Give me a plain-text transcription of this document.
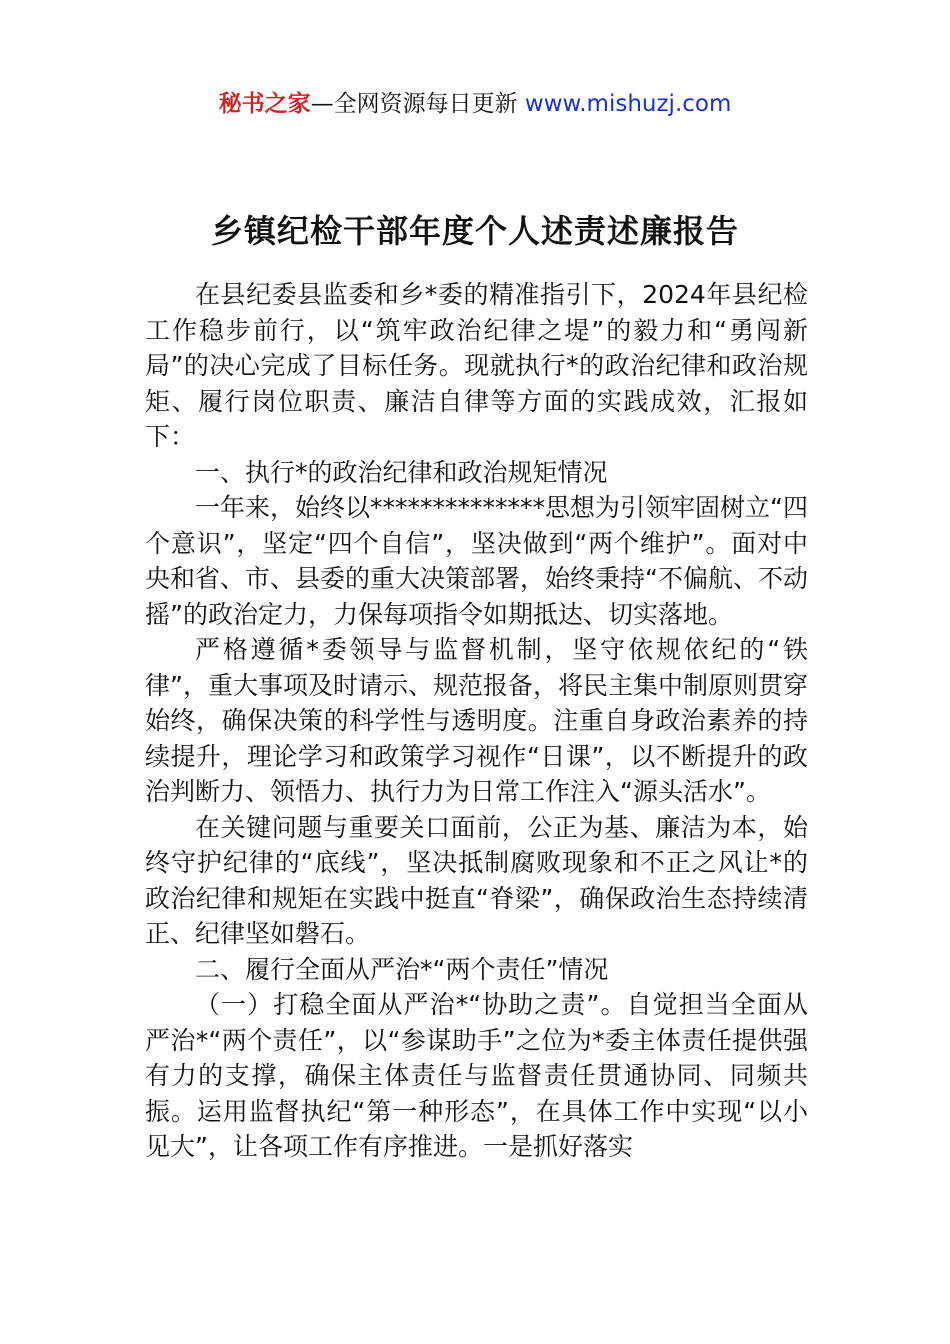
秘书之家—全网资源每日更新 www.mishuzj.com
乡镇纪检干部年度个人述责述廉报告

在县纪委县监委和乡*委的精准指引下，2024年县纪检工作稳步前行，以“筑牢政治纪律之堤”的毅力和“勇闯新局”的决心完成了目标任务。现就执行*的政治纪律和政治规矩、履行岗位职责、廉洁自律等方面的实践成效，汇报如下：

一、执行*的政治纪律和政治规矩情况

一年来，始终以**************思想为引领牢固树立“四个意识”，坚定“四个自信”，坚决做到“两个维护”。面对中央和省、市、县委的重大决策部署，始终秉持“不偏航、不动摇”的政治定力，力保每项指令如期抵达、切实落地。

严格遵循*委领导与监督机制，坚守依规依纪的“铁律”，重大事项及时请示、规范报备，将民主集中制原则贯穿始终，确保决策的科学性与透明度。注重自身政治素养的持续提升，理论学习和政策学习视作“日课”，以不断提升的政治判断力、领悟力、执行力为日常工作注入“源头活水”。

在关键问题与重要关口面前，公正为基、廉洁为本，始终守护纪律的“底线”，坚决抵制腐败现象和不正之风让*的政治纪律和规矩在实践中挺直“脊梁”，确保政治生态持续清正、纪律坚如磐石。

二、履行全面从严治*“两个责任”情况

（一）打稳全面从严治*“协助之责”。自觉担当全面从严治*“两个责任”，以“参谋助手”之位为*委主体责任提供强有力的支撑，确保主体责任与监督责任贯通协同、同频共振。运用监督执纪“第一种形态”，在具体工作中实现“以小见大”，让各项工作有序推进。一是抓好落实
